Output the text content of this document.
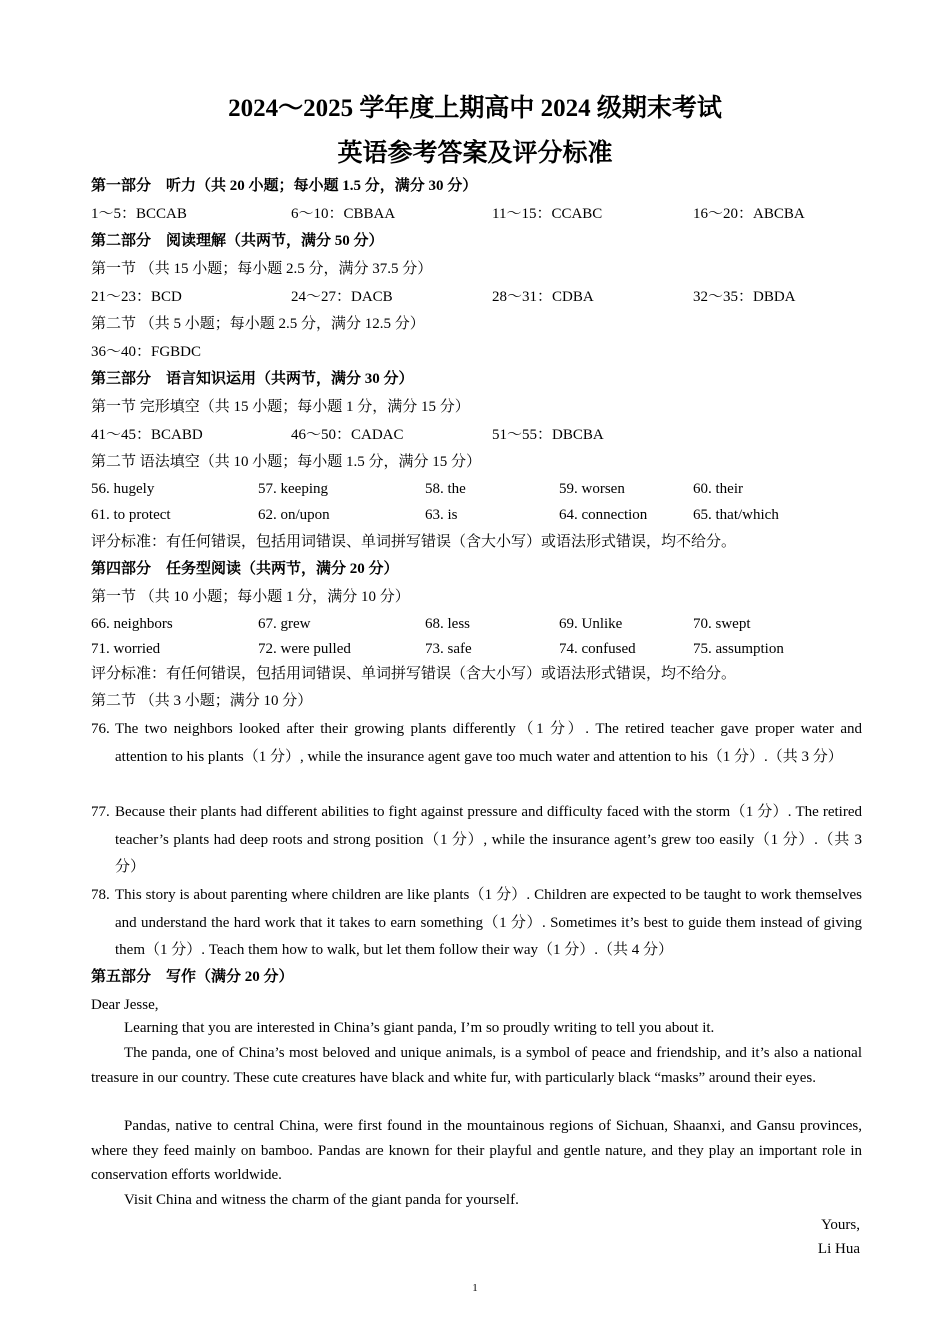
2024～2025 学年度上期高中 2024 级期末考试
英语参考答案及评分标准
第一部分　听力（共 20 小题；每小题 1.5 分，满分 30 分）
1～5：BCCAB	6～10：CBBAA	11～15：CCABC	16～20：ABCBA
第二部分　阅读理解（共两节，满分 50 分）
第一节 （共 15 小题；每小题 2.5 分，满分 37.5 分）
21～23：BCD	24～27：DACB	28～31：CDBA	32～35：DBDA
第二节 （共 5 小题；每小题 2.5 分，满分 12.5 分）
36～40：FGBDC
第三部分　语言知识运用（共两节，满分 30 分）
第一节 完形填空（共 15 小题；每小题 1 分，满分 15 分）
41～45：BCABD	46～50：CADAC	51～55：DBCBA
第二节 语法填空（共 10 小题；每小题 1.5 分，满分 15 分）
56. hugely	57. keeping	58. the	59. worsen	60. their
61. to protect	62. on/upon	63. is	64. connection	65. that/which
评分标准：有任何错误，包括用词错误、单词拼写错误（含大小写）或语法形式错误，均不给分。
第四部分　任务型阅读（共两节，满分 20 分）
第一节 （共 10 小题；每小题 1 分，满分 10 分）
66. neighbors	67. grew	68. less	69. Unlike	70. swept
71. worried	72. were pulled	73. safe	74. confused	75. assumption
评分标准：有任何错误，包括用词错误、单词拼写错误（含大小写）或语法形式错误，均不给分。
第二节 （共 3 小题；满分 10 分）
76. The two neighbors looked after their growing plants differently（1 分）. The retired teacher gave proper water and attention to his plants（1 分）, while the insurance agent gave too much water and attention to his（1 分）.（共 3 分）
77. Because their plants had different abilities to fight against pressure and difficulty faced with the storm（1 分）. The retired teacher’s plants had deep roots and strong position（1 分）, while the insurance agent’s grew too easily（1 分）.（共 3 分）
78. This story is about parenting where children are like plants（1 分）. Children are expected to be taught to work themselves and understand the hard work that it takes to earn something（1 分）. Sometimes it’s best to guide them instead of giving them（1 分）. Teach them how to walk, but let them follow their way（1 分）.（共 4 分）
第五部分　写作（满分 20 分）
Dear Jesse,
Learning that you are interested in China’s giant panda, I’m so proudly writing to tell you about it.
The panda, one of China’s most beloved and unique animals, is a symbol of peace and friendship, and it’s also a national treasure in our country. These cute creatures have black and white fur, with particularly black “masks” around their eyes.
Pandas, native to central China, were first found in the mountainous regions of Sichuan, Shaanxi, and Gansu provinces, where they feed mainly on bamboo. Pandas are known for their playful and gentle nature, and they play an important role in conservation efforts worldwide.
Visit China and witness the charm of the giant panda for yourself.
Yours,
Li Hua
1
